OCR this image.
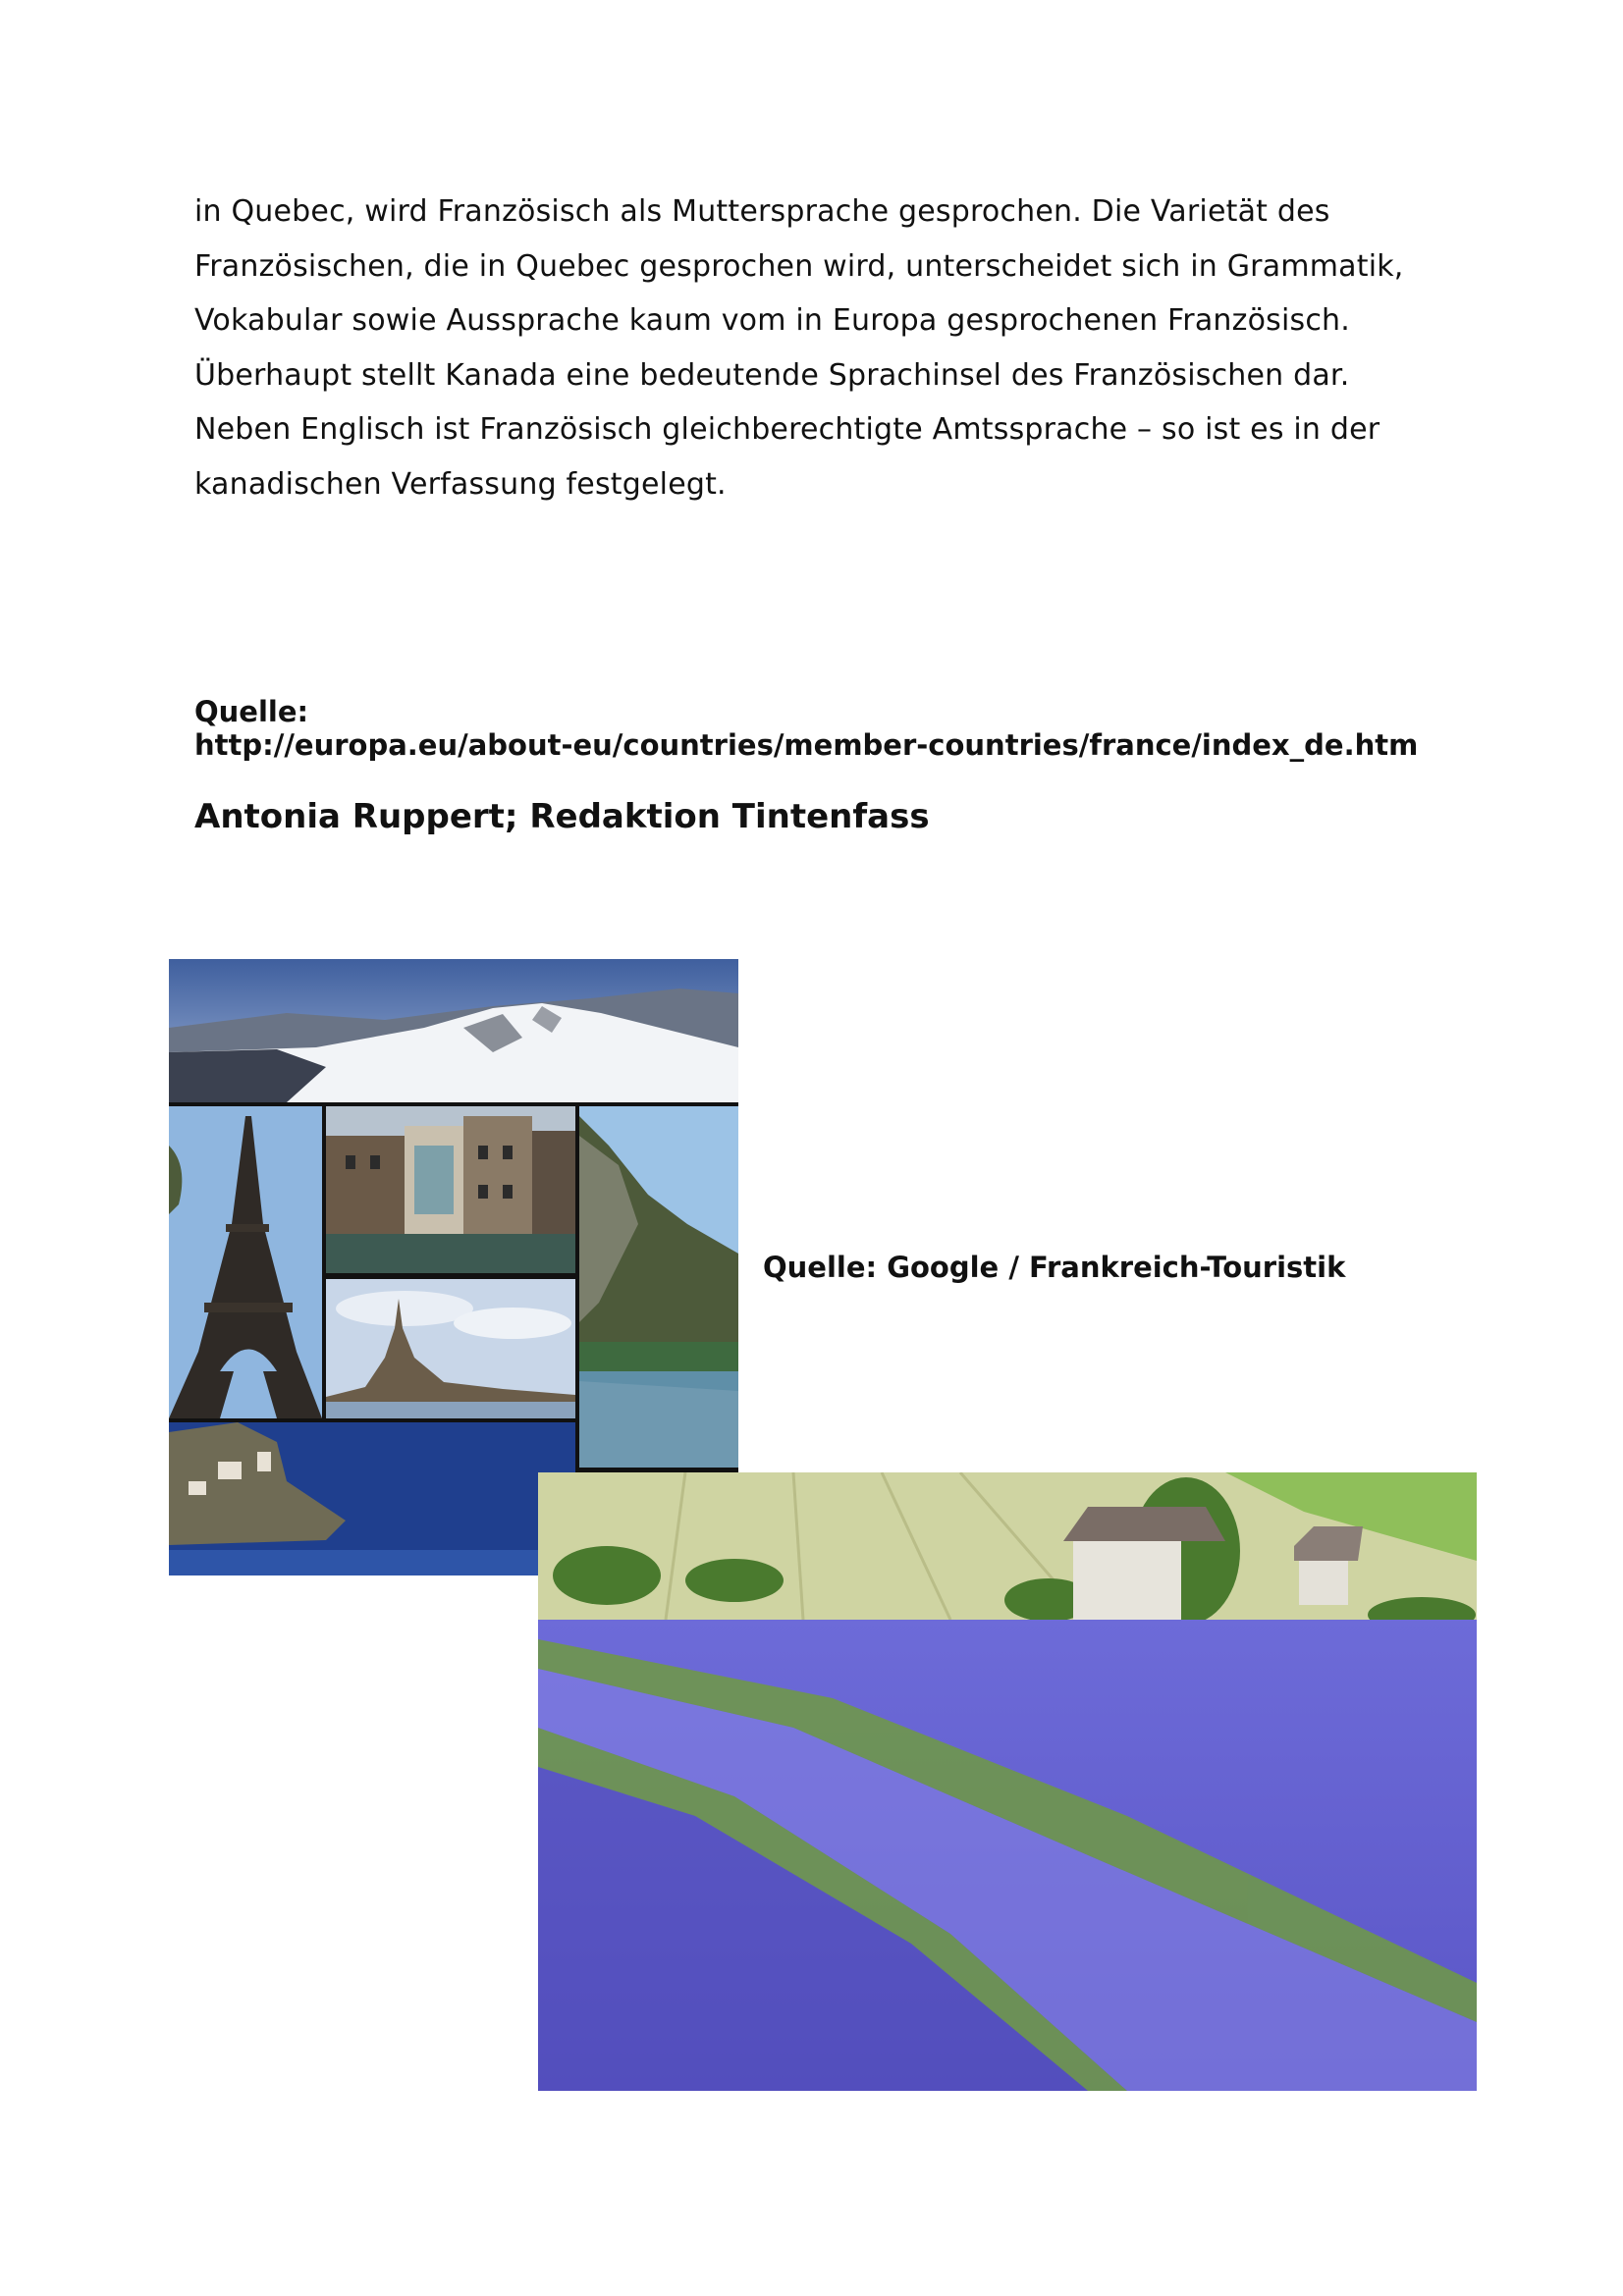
in Quebec, wird Französisch als Muttersprache gesprochen. Die Varietät des
Französischen, die in Quebec gesprochen wird, unterscheidet sich in Grammatik,
Vokabular sowie Aussprache kaum vom in Europa gesprochenen Französisch.
Überhaupt stellt Kanada eine bedeutende Sprachinsel des Französischen dar.
Neben Englisch ist Französisch gleichberechtigte Amtssprache – so ist es in der
kanadischen Verfassung festgelegt.
Quelle:
http://europa.eu/about-eu/countries/member-countries/france/index_de.htm
Antonia Ruppert; Redaktion Tintenfass
Quelle: Google / Frankreich-Touristik
